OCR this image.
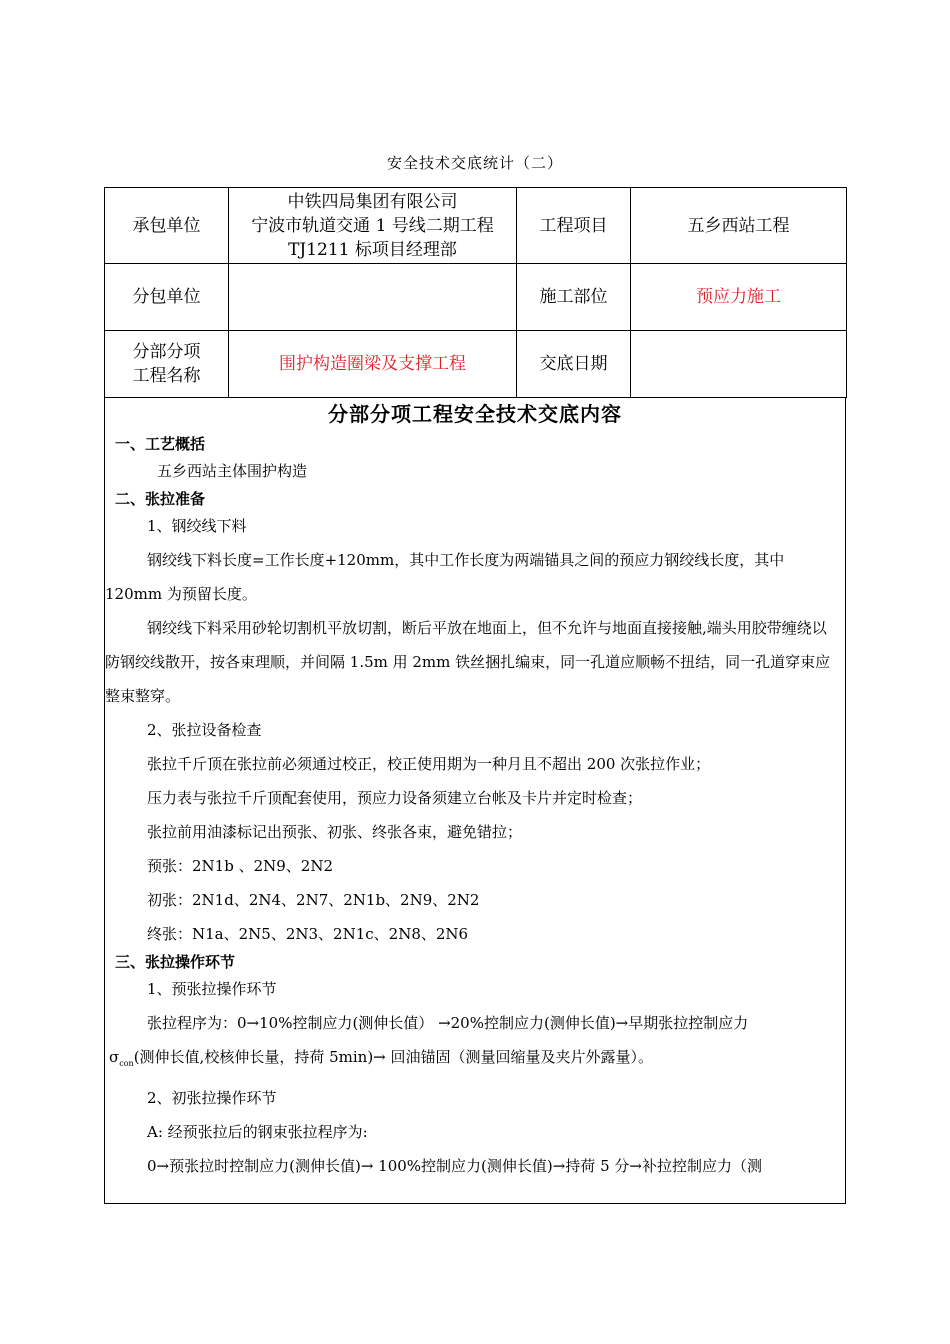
安全技术交底统计（二）
承包单位	中铁四局集团有限公司
宁波市轨道交通 1 号线二期工程
TJ1211 标项目经理部	工程项目	五乡西站工程
分包单位		施工部位	预应力施工

分部分项
工程名称	围护构造圈梁及支撑工程	交底日期	
分部分项工程安全技术交底内容
一、工艺概括
五乡西站主体围护构造
二、张拉准备
1、钢绞线下料
钢绞线下料长度=工作长度+120mm，其中工作长度为两端锚具之间的预应力钢绞线长度，其中 120mm 为预留长度。
钢绞线下料采用砂轮切割机平放切割，断后平放在地面上，但不允许与地面直接接触,端头用胶带缠绕以防钢绞线散开，按各束理顺，并间隔 1.5m 用 2mm 铁丝捆扎编束，同一孔道应顺畅不扭结，同一孔道穿束应整束整穿。
2、张拉设备检查
张拉千斤顶在张拉前必须通过校正，校正使用期为一种月且不超出 200 次张拉作业；
压力表与张拉千斤顶配套使用，预应力设备须建立台帐及卡片并定时检查；
张拉前用油漆标记出预张、初张、终张各束，避免错拉；
预张：2N1b 、2N9、2N2
初张：2N1d、2N4、2N7、2N1b、2N9、2N2
终张：N1a、2N5、2N3、2N1c、2N8、2N6
三、张拉操作环节
1、预张拉操作环节
张拉程序为：0→10%控制应力(测伸长值） →20%控制应力(测伸长值)→早期张拉控制应力
$\sigma_{con}$(测伸长值,校核伸长量，持荷 5min)→ 回油锚固（测量回缩量及夹片外露量）。
2、初张拉操作环节
A: 经预张拉后的钢束张拉程序为:
0→预张拉时控制应力(测伸长值)→ 100%控制应力(测伸长值)→持荷 5 分→补拉控制应力（测
